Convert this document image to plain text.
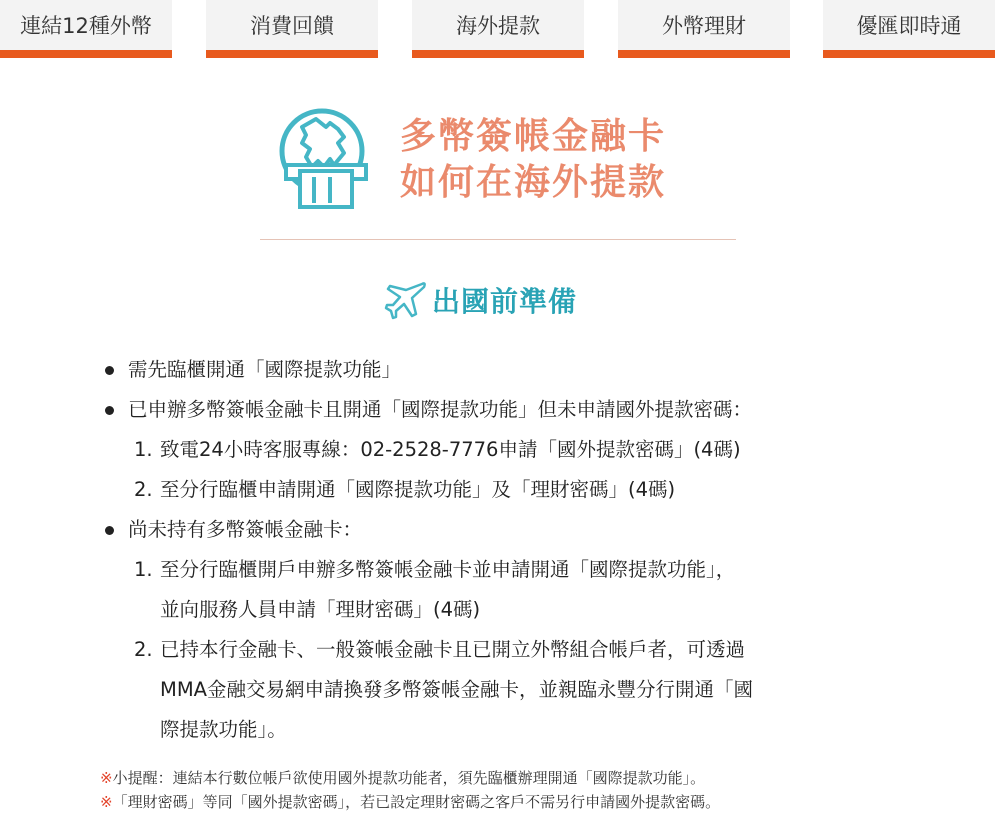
連結12種外幣	消費回饋	海外提款	外幣理財	優匯即時通
多幣簽帳金融卡
如何在海外提款
出國前準備
需先臨櫃開通「國際提款功能」
已申辦多幣簽帳金融卡且開通「國際提款功能」但未申請國外提款密碼：
1. 致電24小時客服專線：02-2528-7776申請「國外提款密碼」(4碼)
2. 至分行臨櫃申請開通「國際提款功能」及「理財密碼」(4碼)
尚未持有多幣簽帳金融卡：
1. 至分行臨櫃開戶申辦多幣簽帳金融卡並申請開通「國際提款功能」，
並向服務人員申請「理財密碼」(4碼)
2. 已持本行金融卡、一般簽帳金融卡且已開立外幣組合帳戶者，可透過
MMA金融交易網申請換發多幣簽帳金融卡，並親臨永豐分行開通「國
際提款功能」。
※小提醒：連結本行數位帳戶欲使用國外提款功能者，須先臨櫃辦理開通「國際提款功能」。
※「理財密碼」等同「國外提款密碼」，若已設定理財密碼之客戶不需另行申請國外提款密碼。
